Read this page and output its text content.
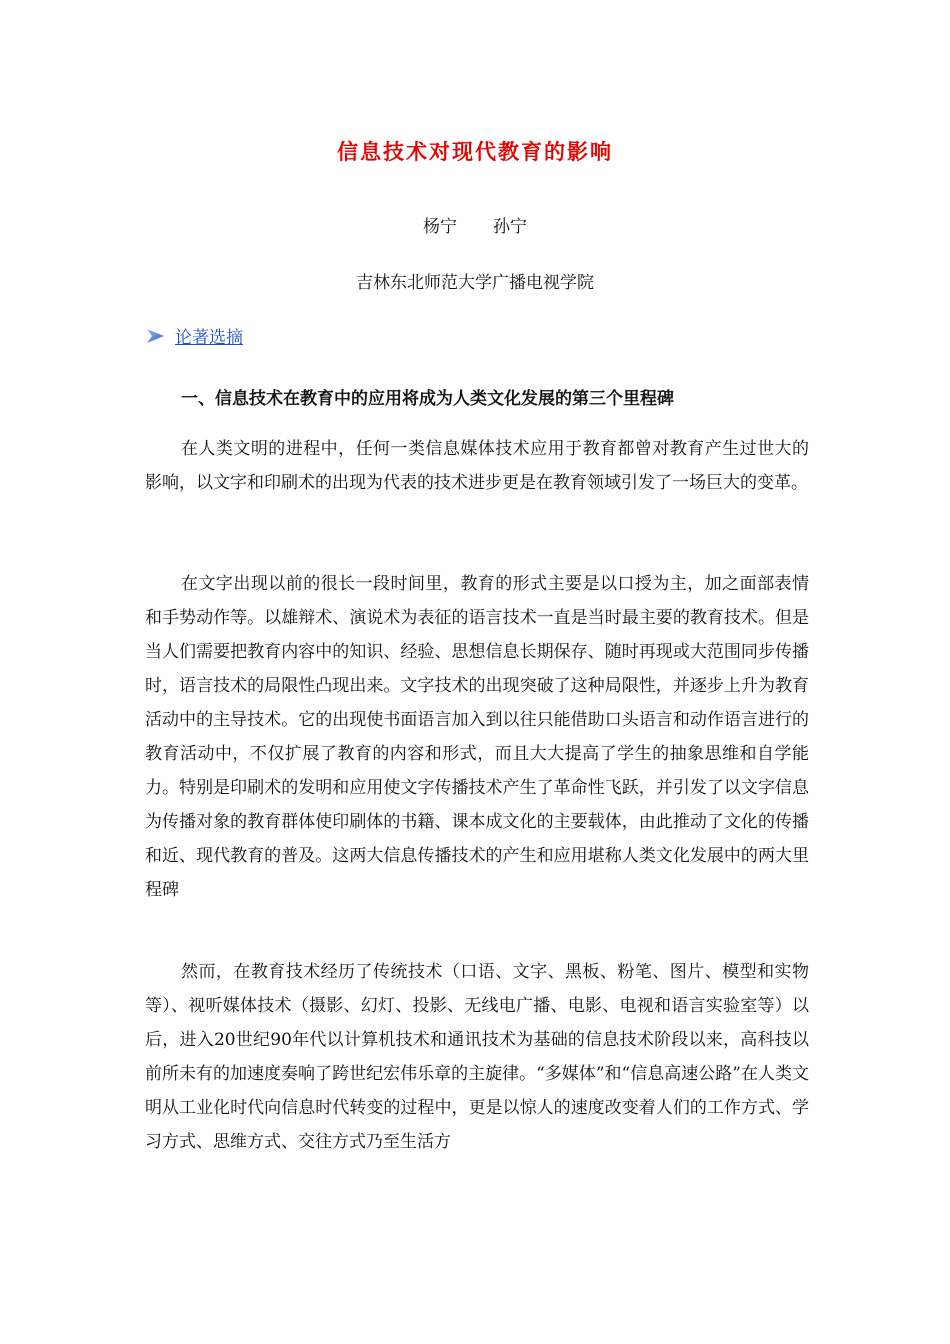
信息技术对现代教育的影响
杨宁 孙宁
吉林东北师范大学广播电视学院
论著选摘
一、信息技术在教育中的应用将成为人类文化发展的第三个里程碑

在人类文明的进程中，任何一类信息媒体技术应用于教育都曾对教育产生过世大的影响，以文字和印刷术的出现为代表的技术进步更是在教育领域引发了一场巨大的变革。

在文字出现以前的很长一段时间里，教育的形式主要是以口授为主，加之面部表情和手势动作等。以雄辩术、演说术为表征的语言技术一直是当时最主要的教育技术。但是当人们需要把教育内容中的知识、经验、思想信息长期保存、随时再现或大范围同步传播时，语言技术的局限性凸现出来。文字技术的出现突破了这种局限性，并逐步上升为教育活动中的主导技术。它的出现使书面语言加入到以往只能借助口头语言和动作语言进行的教育活动中，不仅扩展了教育的内容和形式，而且大大提高了学生的抽象思维和自学能力。特别是印刷术的发明和应用使文字传播技术产生了革命性飞跃，并引发了以文字信息为传播对象的教育群体使印刷体的书籍、课本成文化的主要载体，由此推动了文化的传播和近、现代教育的普及。这两大信息传播技术的产生和应用堪称人类文化发展中的两大里程碑

然而，在教育技术经历了传统技术（口语、文字、黑板、粉笔、图片、模型和实物等）、视听媒体技术（摄影、幻灯、投影、无线电广播、电影、电视和语言实验室等）以后，进入20世纪90年代以计算机技术和通讯技术为基础的信息技术阶段以来，高科技以前所未有的加速度奏响了跨世纪宏伟乐章的主旋律。“多媒体”和“信息高速公路”在人类文明从工业化时代向信息时代转变的过程中，更是以惊人的速度改变着人们的工作方式、学习方式、思维方式、交往方式乃至生活方
